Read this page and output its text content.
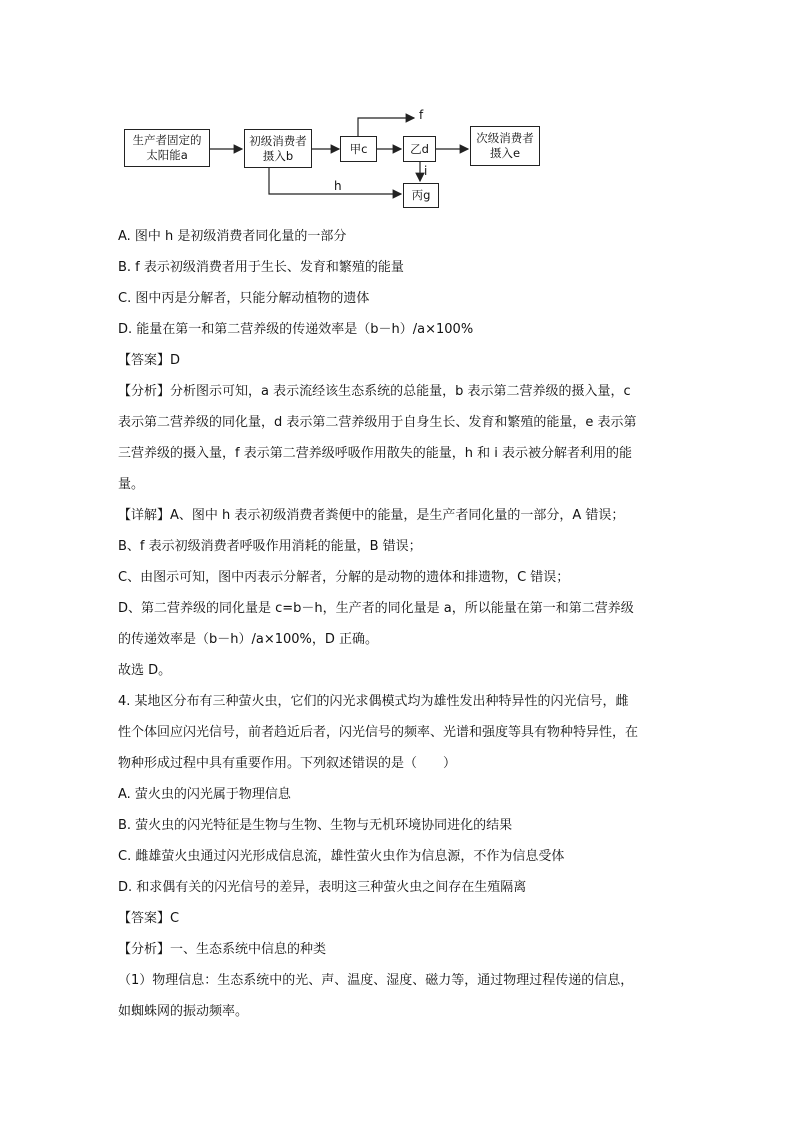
生产者固定的
太阳能a
初级消费者
摄入b	甲c	乙d
次级消费者
摄入e
丙g
f
h
i
A. 图中 h 是初级消费者同化量的一部分
B. f 表示初级消费者用于生长、发育和繁殖的能量
C. 图中丙是分解者，只能分解动植物的遗体
D. 能量在第一和第二营养级的传递效率是（b－h）/a×100%
【答案】D
【分析】分析图示可知，a 表示流经该生态系统的总能量，b 表示第二营养级的摄入量，c
表示第二营养级的同化量，d 表示第二营养级用于自身生长、发育和繁殖的能量，e 表示第
三营养级的摄入量，f 表示第二营养级呼吸作用散失的能量，h 和 i 表示被分解者利用的能
量。
【详解】A、图中 h 表示初级消费者粪便中的能量，是生产者同化量的一部分，A 错误；
B、f 表示初级消费者呼吸作用消耗的能量，B 错误；
C、由图示可知，图中丙表示分解者，分解的是动物的遗体和排遗物，C 错误；
D、第二营养级的同化量是 c=b－h，生产者的同化量是 a，所以能量在第一和第二营养级
的传递效率是（b－h）/a×100%，D 正确。
故选 D。
4. 某地区分布有三种萤火虫，它们的闪光求偶模式均为雄性发出种特异性的闪光信号，雌
性个体回应闪光信号，前者趋近后者，闪光信号的频率、光谱和强度等具有物种特异性，在
物种形成过程中具有重要作用。下列叙述错误的是（　　）
A. 萤火虫的闪光属于物理信息
B. 萤火虫的闪光特征是生物与生物、生物与无机环境协同进化的结果
C. 雌雄萤火虫通过闪光形成信息流，雄性萤火虫作为信息源，不作为信息受体
D. 和求偶有关的闪光信号的差异，表明这三种萤火虫之间存在生殖隔离
【答案】C
【分析】一、生态系统中信息的种类
（1）物理信息：生态系统中的光、声、温度、湿度、磁力等，通过物理过程传递的信息，
如蜘蛛网的振动频率。
